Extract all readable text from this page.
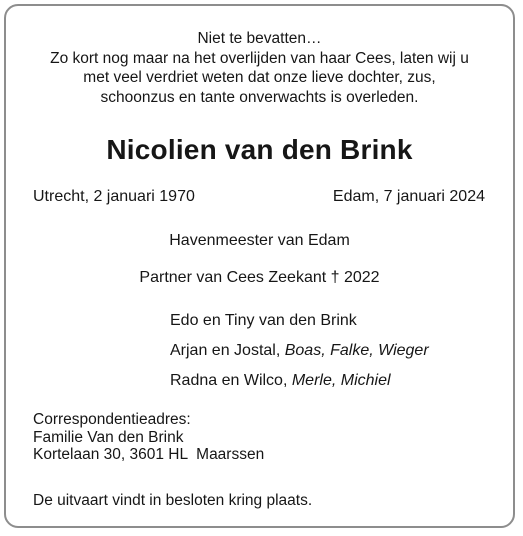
Niet te bevatten…
Zo kort nog maar na het overlijden van haar Cees, laten wij u
met veel verdriet weten dat onze lieve dochter, zus,
schoonzus en tante onverwachts is overleden.
Nicolien van den Brink
Utrecht, 2 januari 1970	Edam, 7 januari 2024
Havenmeester van Edam
Partner van Cees Zeekant † 2022
Edo en Tiny van den Brink
Arjan en Jostal, Boas, Falke, Wieger
Radna en Wilco, Merle, Michiel
Correspondentieadres:
Familie Van den Brink
Kortelaan 30, 3601 HL  Maarssen
De uitvaart vindt in besloten kring plaats.
